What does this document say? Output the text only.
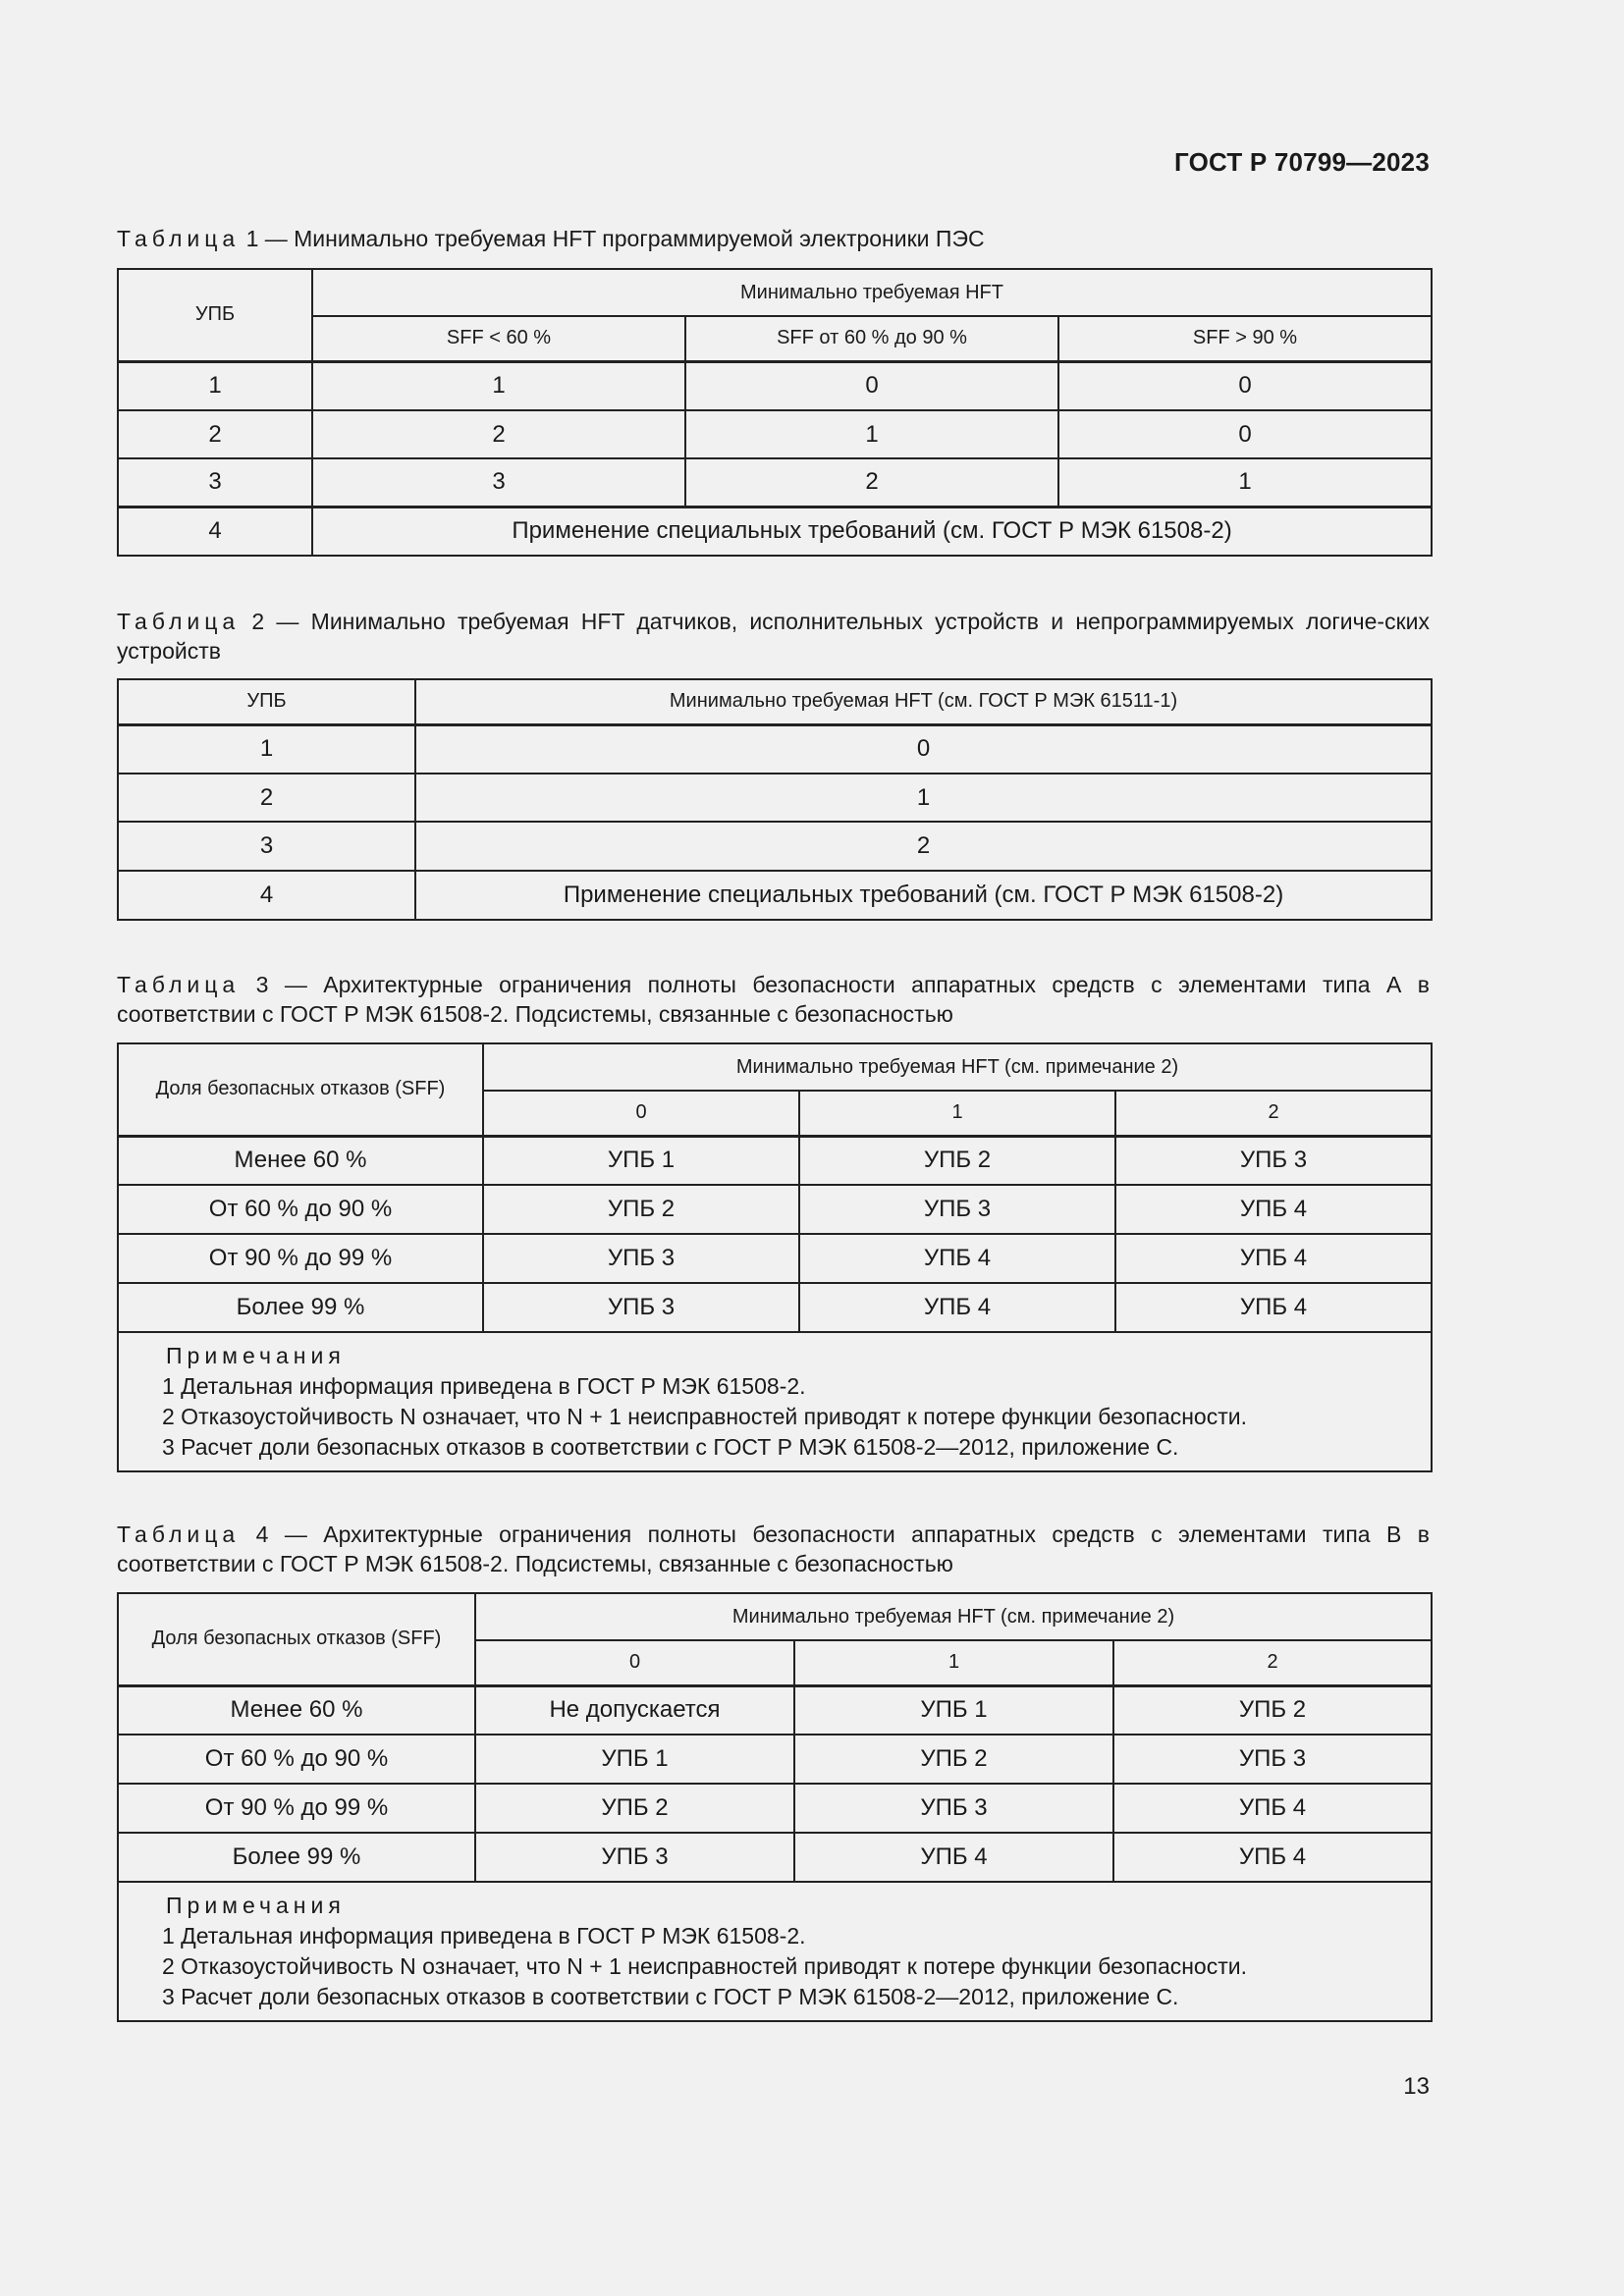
ГОСТ Р 70799—2023
Таблица 1 — Минимально требуемая HFT программируемой электроники ПЭС
УПБ	Минимально требуемая HFT		
	SFF < 60 %	SFF от 60 % до 90 %	SFF > 90 %
1	1	0	0
2	2	1	0
3	3	2	1
4	Применение специальных требований (см. ГОСТ Р МЭК 61508-2)		
Таблица 2 — Минимально требуемая HFT датчиков, исполнительных устройств и непрограммируемых логиче-ских устройств
УПБ	Минимально требуемая HFT (см. ГОСТ Р МЭК 61511-1)
1	0
2	1
3	2
4	Применение специальных требований (см. ГОСТ Р МЭК 61508-2)
Таблица 3 — Архитектурные ограничения полноты безопасности аппаратных средств с элементами типа А в соответствии с ГОСТ Р МЭК 61508-2. Подсистемы, связанные с безопасностью
Доля безопасных отказов (SFF)	Минимально требуемая HFT (см. примечание 2)		
	0	1	2
Менее 60 %	УПБ 1	УПБ 2	УПБ 3
От 60 % до 90 %	УПБ 2	УПБ 3	УПБ 4
От 90 % до 99 %	УПБ 3	УПБ 4	УПБ 4
Более 99 %	УПБ 3	УПБ 4	УПБ 4

Примечания
1 Детальная информация приведена в ГОСТ Р МЭК 61508-2.
2 Отказоустойчивость N означает, что N + 1 неисправностей приводят к потере функции безопасности.
3 Расчет доли безопасных отказов в соответствии с ГОСТ Р МЭК 61508-2—2012, приложение С.			
Таблица 4 — Архитектурные ограничения полноты безопасности аппаратных средств с элементами типа В в соответствии с ГОСТ Р МЭК 61508-2. Подсистемы, связанные с безопасностью
Доля безопасных отказов (SFF)	Минимально требуемая HFT (см. примечание 2)		
	0	1	2
Менее 60 %	Не допускается	УПБ 1	УПБ 2
От 60 % до 90 %	УПБ 1	УПБ 2	УПБ 3
От 90 % до 99 %	УПБ 2	УПБ 3	УПБ 4
Более 99 %	УПБ 3	УПБ 4	УПБ 4

Примечания
1 Детальная информация приведена в ГОСТ Р МЭК 61508-2.
2 Отказоустойчивость N означает, что N + 1 неисправностей приводят к потере функции безопасности.
3 Расчет доли безопасных отказов в соответствии с ГОСТ Р МЭК 61508-2—2012, приложение С.			
13
